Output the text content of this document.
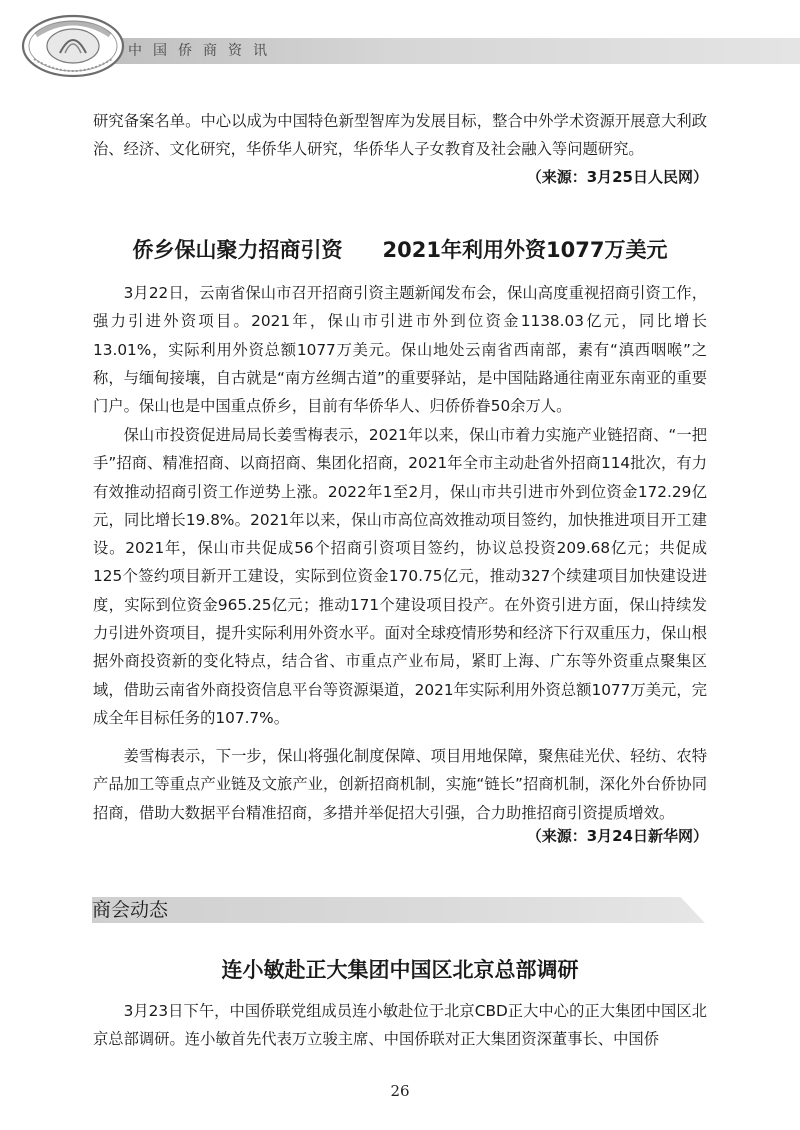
中国侨商资讯

研究备案名单。中心以成为中国特色新型智库为发展目标，整合中外学术资源开展意大利政治、经济、文化研究，华侨华人研究，华侨华人子女教育及社会融入等问题研究。

（来源：3月25日人民网）
侨乡保山聚力招商引资 2021年利用外资1077万美元

3月22日，云南省保山市召开招商引资主题新闻发布会，保山高度重视招商引资工作，强力引进外资项目。2021年，保山市引进市外到位资金1138.03亿元，同比增长13.01%，实际利用外资总额1077万美元。保山地处云南省西南部，素有“滇西咽喉”之称，与缅甸接壤，自古就是“南方丝绸古道”的重要驿站，是中国陆路通往南亚东南亚的重要门户。保山也是中国重点侨乡，目前有华侨华人、归侨侨眷50余万人。

保山市投资促进局局长姜雪梅表示，2021年以来，保山市着力实施产业链招商、“一把手”招商、精准招商、以商招商、集团化招商，2021年全市主动赴省外招商114批次，有力有效推动招商引资工作逆势上涨。2022年1至2月，保山市共引进市外到位资金172.29亿元，同比增长19.8%。2021年以来，保山市高位高效推动项目签约，加快推进项目开工建设。2021年，保山市共促成56个招商引资项目签约，协议总投资209.68亿元；共促成125个签约项目新开工建设，实际到位资金170.75亿元，推动327个续建项目加快建设进度，实际到位资金965.25亿元；推动171个建设项目投产。在外资引进方面，保山持续发力引进外资项目，提升实际利用外资水平。面对全球疫情形势和经济下行双重压力，保山根据外商投资新的变化特点，结合省、市重点产业布局，紧盯上海、广东等外资重点聚集区域，借助云南省外商投资信息平台等资源渠道，2021年实际利用外资总额1077万美元，完成全年目标任务的107.7%。

姜雪梅表示，下一步，保山将强化制度保障、项目用地保障，聚焦硅光伏、轻纺、农特产品加工等重点产业链及文旅产业，创新招商机制，实施“链长”招商机制，深化外台侨协同招商，借助大数据平台精准招商，多措并举促招大引强，合力助推招商引资提质增效。

（来源：3月24日新华网）
商会动态
连小敏赴正大集团中国区北京总部调研

3月23日下午，中国侨联党组成员连小敏赴位于北京CBD正大中心的正大集团中国区北京总部调研。连小敏首先代表万立骏主席、中国侨联对正大集团资深董事长、中国侨

26
